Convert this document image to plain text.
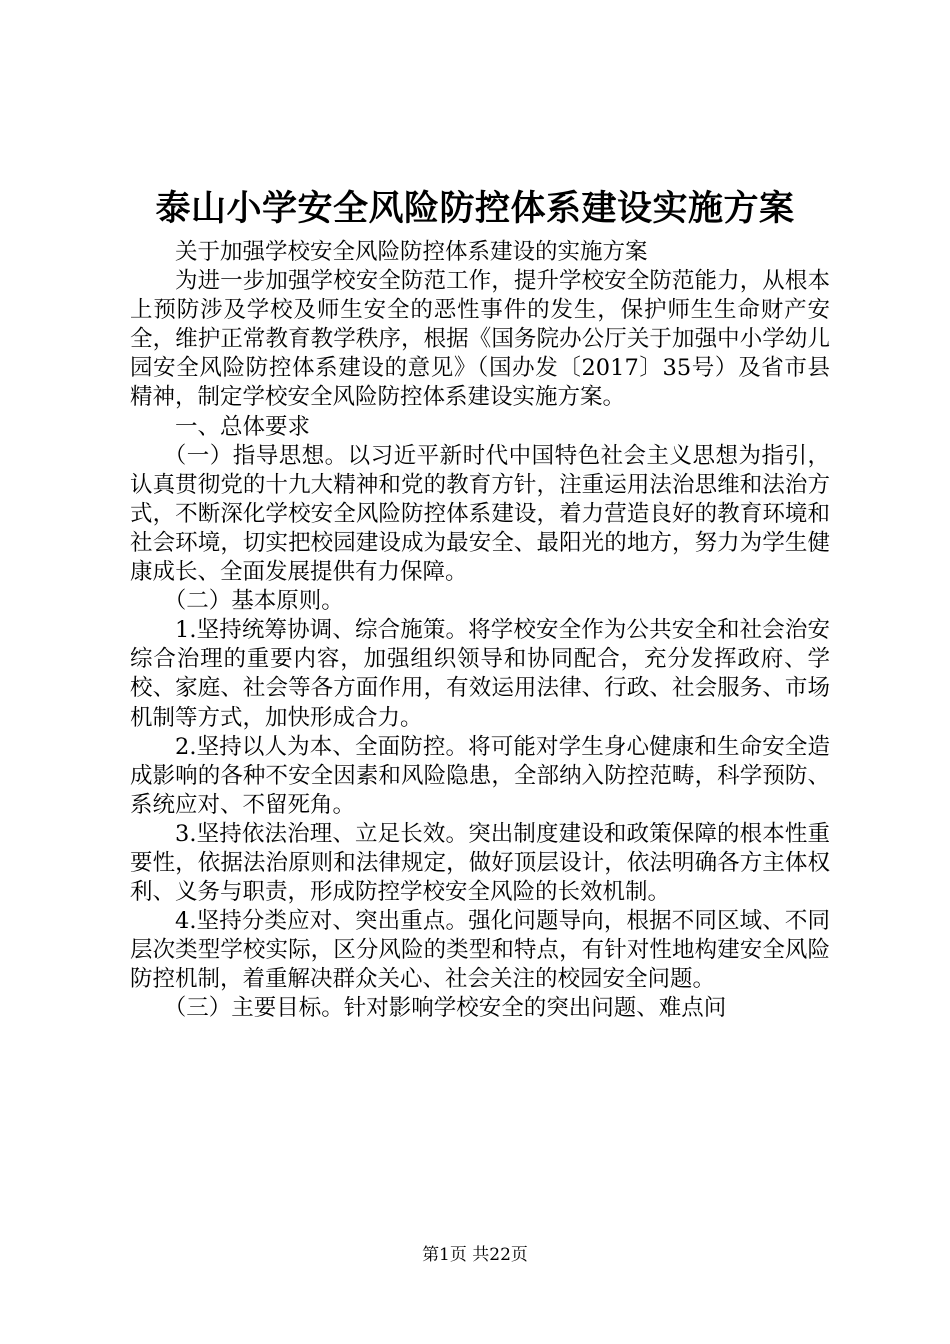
泰山小学安全风险防控体系建设实施方案

关于加强学校安全风险防控体系建设的实施方案

为进一步加强学校安全防范工作，提升学校安全防范能力，从根本上预防涉及学校及师生安全的恶性事件的发生，保护师生生命财产安全，维护正常教育教学秩序，根据《国务院办公厅关于加强中小学幼儿园安全风险防控体系建设的意见》（国办发〔2017〕35号）及省市县精神，制定学校安全风险防控体系建设实施方案。

一、总体要求

（一）指导思想。以习近平新时代中国特色社会主义思想为指引，认真贯彻党的十九大精神和党的教育方针，注重运用法治思维和法治方式，不断深化学校安全风险防控体系建设，着力营造良好的教育环境和社会环境，切实把校园建设成为最安全、最阳光的地方，努力为学生健康成长、全面发展提供有力保障。

（二）基本原则。

1.坚持统筹协调、综合施策。将学校安全作为公共安全和社会治安综合治理的重要内容，加强组织领导和协同配合，充分发挥政府、学校、家庭、社会等各方面作用，有效运用法律、行政、社会服务、市场机制等方式，加快形成合力。

2.坚持以人为本、全面防控。将可能对学生身心健康和生命安全造成影响的各种不安全因素和风险隐患，全部纳入防控范畴，科学预防、系统应对、不留死角。

3.坚持依法治理、立足长效。突出制度建设和政策保障的根本性重要性，依据法治原则和法律规定，做好顶层设计，依法明确各方主体权利、义务与职责，形成防控学校安全风险的长效机制。

4.坚持分类应对、突出重点。强化问题导向，根据不同区域、不同层次类型学校实际，区分风险的类型和特点，有针对性地构建安全风险防控机制，着重解决群众关心、社会关注的校园安全问题。

（三）主要目标。针对影响学校安全的突出问题、难点问

第1页 共22页
